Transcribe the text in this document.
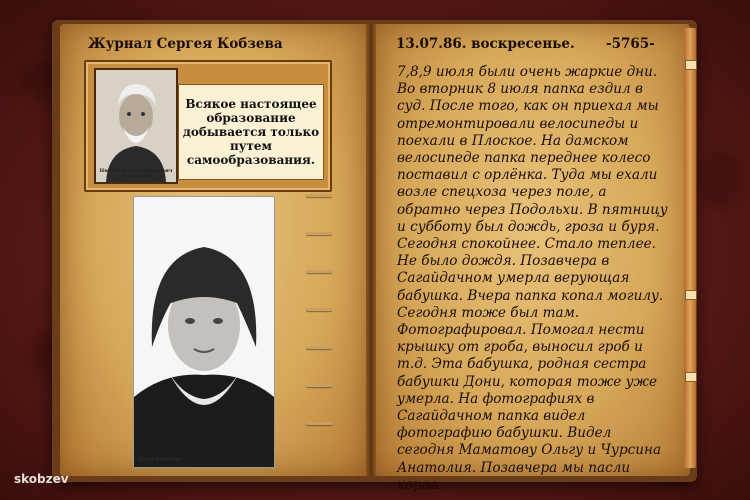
Журнал Сергея Кобзева
Николай Александрович
РУБАКИН
Всякое настоящее образование добывается только путем самообразования.
Ольга Маматова
13.07.86. воскресенье. -5765-
7,8,9 июля были очень жаркие дни. Во вторник 8 июля папка ездил в суд. После того, как он приехал мы отремонтировали велосипеды и поехали в Плоское. На дамском велосипеде папка переднее колесо поставил с орлёнка. Туда мы ехали возле спецхоза через поле, а обратно через Подольхи. В пятницу и субботу был дождь, гроза и буря. Сегодня спокойнее. Стало теплее. Не было дождя. Позавчера в Сагайдачном умерла верующая бабушка. Вчера папка копал могилу. Сегодня тоже был там. Фотографировал. Помогал нести крышку от гроба, выносил гроб и т.д. Эта бабушка, родная сестра бабушки Дони, которая тоже уже умерла. На фотографиях в Сагайдачном папка видел фотографию бабушки. Видел сегодня Маматову Ольгу и Чурсина Анатолия. Позавчера мы пасли коров.
skobzev
